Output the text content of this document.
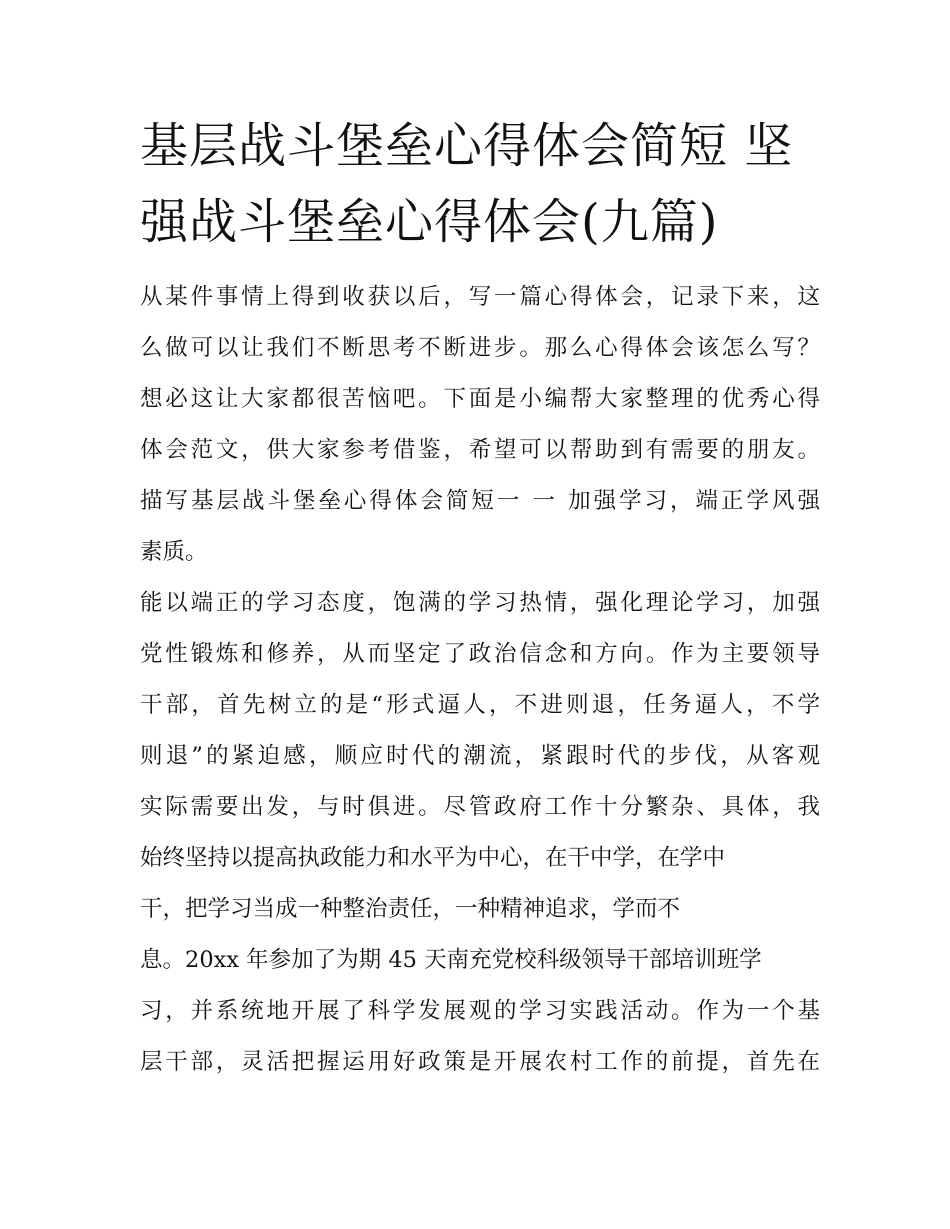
基层战斗堡垒心得体会简短 坚
强战斗堡垒心得体会(九篇)

从某件事情上得到收获以后，写一篇心得体会，记录下来，这
么做可以让我们不断思考不断进步。那么心得体会该怎么写？
想必这让大家都很苦恼吧。下面是小编帮大家整理的优秀心得
体会范文，供大家参考借鉴，希望可以帮助到有需要的朋友。
描写基层战斗堡垒心得体会简短一 一 加强学习，端正学风强
素质。

能以端正的学习态度，饱满的学习热情，强化理论学习，加强
党性锻炼和修养，从而坚定了政治信念和方向。作为主要领导
干部，首先树立的是“形式逼人，不进则退，任务逼人，不学
则退”的紧迫感，顺应时代的潮流，紧跟时代的步伐，从客观
实际需要出发，与时俱进。尽管政府工作十分繁杂、具体，我
始终坚持以提高执政能力和水平为中心，在干中学，在学中
干，把学习当成一种整治责任，一种精神追求，学而不
息。20xx 年参加了为期 45 天南充党校科级领导干部培训班学
习，并系统地开展了科学发展观的学习实践活动。作为一个基
层干部，灵活把握运用好政策是开展农村工作的前提，首先在
